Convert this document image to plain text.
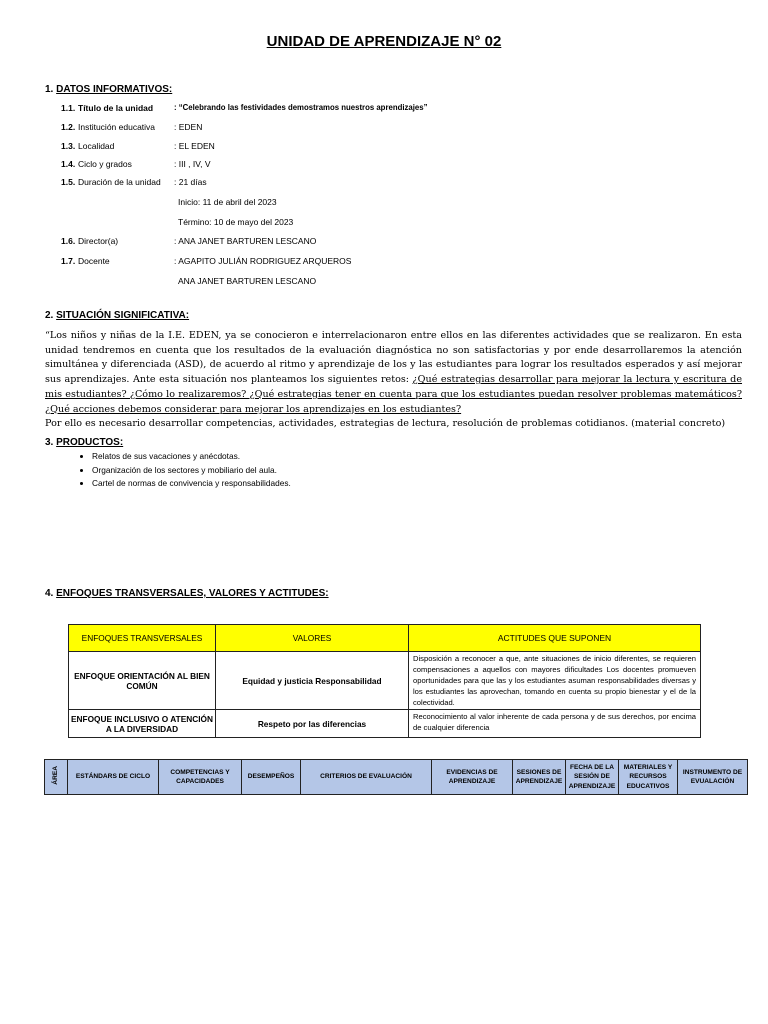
UNIDAD DE APRENDIZAJE N° 02
1. DATOS INFORMATIVOS:
1.1. Título de la unidad	: “Celebrando las festividades demostramos nuestros aprendizajes”
1.2. Institución educativa : EDEN
1.3. Localidad	: EL EDEN
1.4. Ciclo y grados	: III , IV, V
1.5. Duración de la unidad : 21 días
Inicio: 11 de abril del 2023
Término: 10 de mayo del 2023
1.6. Director(a)	: ANA JANET BARTUREN LESCANO
1.7. Docente	: AGAPITO JULIÁN RODRIGUEZ ARQUEROS
ANA JANET BARTUREN LESCANO
2. SITUACIÓN SIGNIFICATIVA:
“Los niños y niñas de la I.E. EDEN, ya se conocieron e interrelacionaron entre ellos en las diferentes actividades que se realizaron. En esta unidad tendremos en cuenta que los resultados de la evaluación diagnóstica no son satisfactorias y por ende desarrollaremos la atención simultánea y diferenciada (ASD), de acuerdo al ritmo y aprendizaje de los y las estudiantes para lograr los resultados esperados y así mejorar sus aprendizajes. Ante esta situación nos planteamos los siguientes retos: ¿Qué estrategias desarrollar para mejorar la lectura y escritura de mis estudiantes? ¿Cómo lo realizaremos? ¿Qué estrategias tener en cuenta para que los estudiantes puedan resolver problemas matemáticos? ¿Qué acciones debemos considerar para mejorar los aprendizajes en los estudiantes?
Por ello es necesario desarrollar competencias, actividades, estrategias de lectura, resolución de problemas cotidianos. (material concreto)
3. PRODUCTOS:
• Relatos de sus vacaciones y anécdotas.
• Organización de los sectores y mobiliario del aula.
• Cartel de normas de convivencia y responsabilidades.
4. ENFOQUES TRANSVERSALES, VALORES Y ACTITUDES:
ENFOQUES TRANSVERSALES	VALORES	ACTITUDES QUE SUPONEN
ENFOQUE ORIENTACIÓN AL BIEN COMÚN	Equidad y justicia Responsabilidad	Disposición a reconocer a que, ante situaciones de inicio diferentes, se requieren compensaciones a aquellos con mayores dificultades Los docentes promueven oportunidades para que las y los estudiantes asuman responsabilidades diversas y los estudiantes las aprovechan, tomando en cuenta su propio bienestar y el de la colectividad.
ENFOQUE INCLUSIVO O ATENCIÓN A LA DIVERSIDAD	Respeto por las diferencias	Reconocimiento al valor inherente de cada persona y de sus derechos, por encima de cualquier diferencia
ÁREA	ESTÁNDARS DE CICLO	COMPETENCIAS Y CAPACIDADES	DESEMPEÑOS	CRITERIOS DE EVALUACIÓN	EVIDENCIAS DE APRENDIZAJE	SESIONES DE APRENDIZAJE	FECHA DE LA SESIÓN DE APRENDIZAJE	MATERIALES Y RECURSOS EDUCATIVOS	INSTRUMENTO DE EVUALACIÓN
